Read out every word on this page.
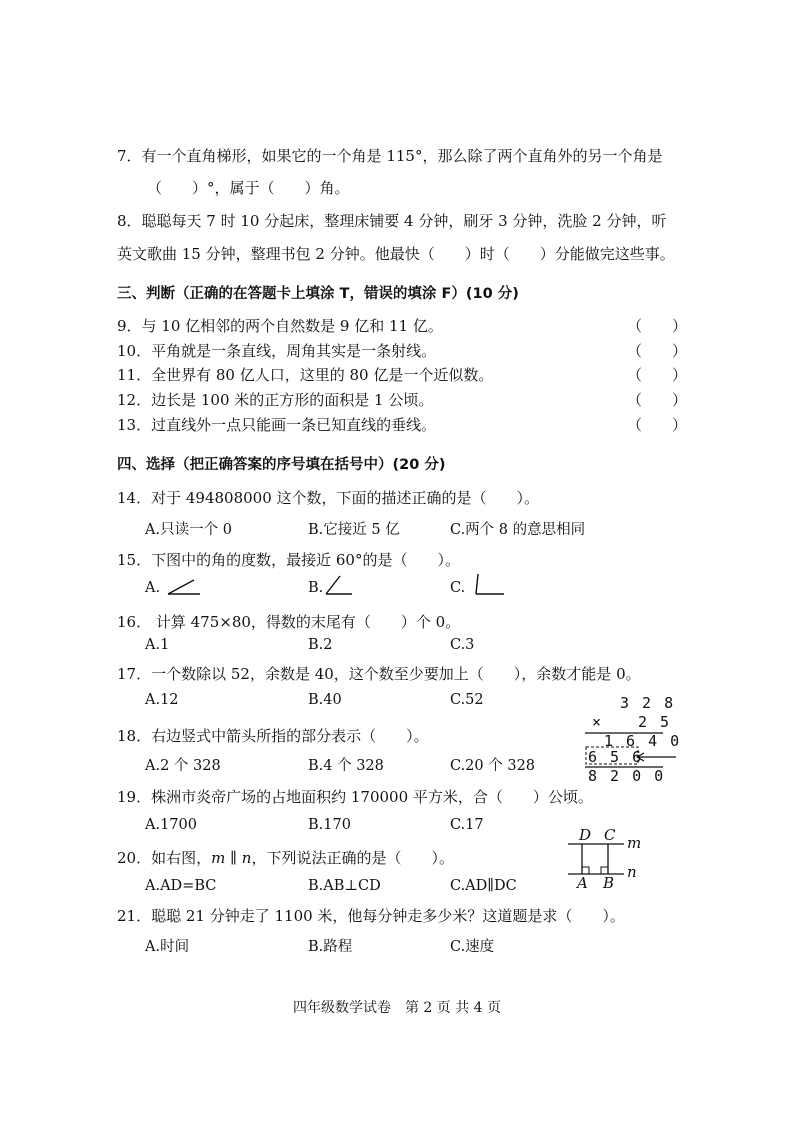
7．有一个直角梯形，如果它的一个角是 115°，那么除了两个直角外的另一个角是
（　　）°，属于（　　）角。
8．聪聪每天 7 时 10 分起床，整理床铺要 4 分钟，刷牙 3 分钟，洗脸 2 分钟，听
英文歌曲 15 分钟，整理书包 2 分钟。他最快（　　）时（　　）分能做完这些事。
三、判断（正确的在答题卡上填涂 T，错误的填涂 F）(10 分)
9．与 10 亿相邻的两个自然数是 9 亿和 11 亿。	（　　）
10．平角就是一条直线，周角其实是一条射线。	（　　）
11．全世界有 80 亿人口，这里的 80 亿是一个近似数。	（　　）
12．边长是 100 米的正方形的面积是 1 公顷。	（　　）
13．过直线外一点只能画一条已知直线的垂线。	（　　）
四、选择（把正确答案的序号填在括号中）(20 分)
14．对于 494808000 这个数，下面的描述正确的是（　　）。
A.只读一个 0	B.它接近 5 亿	C.两个 8 的意思相同
15．下图中的角的度数，最接近 60°的是（　　）。
A.	B.	C.
16． 计算 475×80，得数的末尾有（　　）个 0。
A.1	B.2	C.3
17．一个数除以 52，余数是 40，这个数至少要加上（　　），余数才能是 0。
A.12	B.40	C.52	3 2 8
× 2 5
1 6 4 0
6 5 6
8 2 0 0
18．右边竖式中箭头所指的部分表示（　　）。
A.2 个 328	B.4 个 328	C.20 个 328
19．株洲市炎帝广场的占地面积约 170000 平方米，合（　　）公顷。
A.1700	B.170	C.17
20．如右图，m ∥ n，下列说法正确的是（　　）。
A.AD=BC	B.AB⊥CD	C.AD∥DC
D C m
n
A B
21．聪聪 21 分钟走了 1100 米，他每分钟走多少米？这道题是求（　　）。
A.时间	B.路程	C.速度
四年级数学试卷　第 2 页 共 4 页
